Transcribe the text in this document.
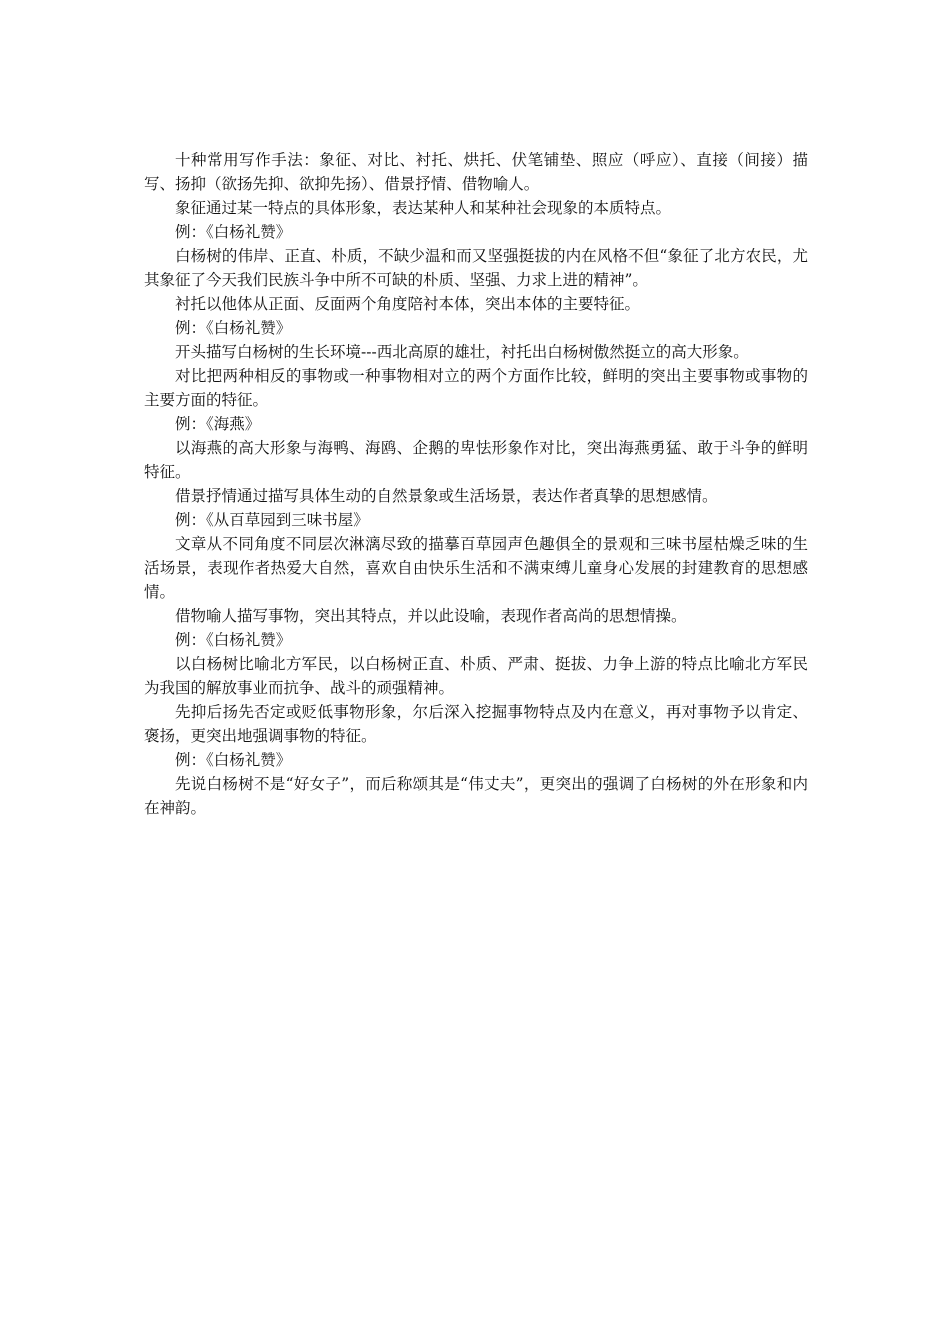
十种常用写作手法：象征、对比、衬托、烘托、伏笔铺垫、照应（呼应）、直接（间接）描写、扬抑（欲扬先抑、欲抑先扬）、借景抒情、借物喻人。

象征通过某一特点的具体形象，表达某种人和某种社会现象的本质特点。

例：《白杨礼赞》

白杨树的伟岸、正直、朴质，不缺少温和而又坚强挺拔的内在风格不但“象征了北方农民，尤其象征了今天我们民族斗争中所不可缺的朴质、坚强、力求上进的精神”。

衬托以他体从正面、反面两个角度陪衬本体，突出本体的主要特征。

例：《白杨礼赞》

开头描写白杨树的生长环境---西北高原的雄壮，衬托出白杨树傲然挺立的高大形象。

对比把两种相反的事物或一种事物相对立的两个方面作比较，鲜明的突出主要事物或事物的主要方面的特征。

例：《海燕》

以海燕的高大形象与海鸭、海鸥、企鹅的卑怯形象作对比，突出海燕勇猛、敢于斗争的鲜明特征。

借景抒情通过描写具体生动的自然景象或生活场景，表达作者真挚的思想感情。

例：《从百草园到三味书屋》

文章从不同角度不同层次淋漓尽致的描摹百草园声色趣俱全的景观和三味书屋枯燥乏味的生活场景，表现作者热爱大自然，喜欢自由快乐生活和不满束缚儿童身心发展的封建教育的思想感情。

借物喻人描写事物，突出其特点，并以此设喻，表现作者高尚的思想情操。

例：《白杨礼赞》

以白杨树比喻北方军民，以白杨树正直、朴质、严肃、挺拔、力争上游的特点比喻北方军民为我国的解放事业而抗争、战斗的顽强精神。

先抑后扬先否定或贬低事物形象，尔后深入挖掘事物特点及内在意义，再对事物予以肯定、褒扬，更突出地强调事物的特征。

例：《白杨礼赞》

先说白杨树不是“好女子”，而后称颂其是“伟丈夫”，更突出的强调了白杨树的外在形象和内在神韵。
